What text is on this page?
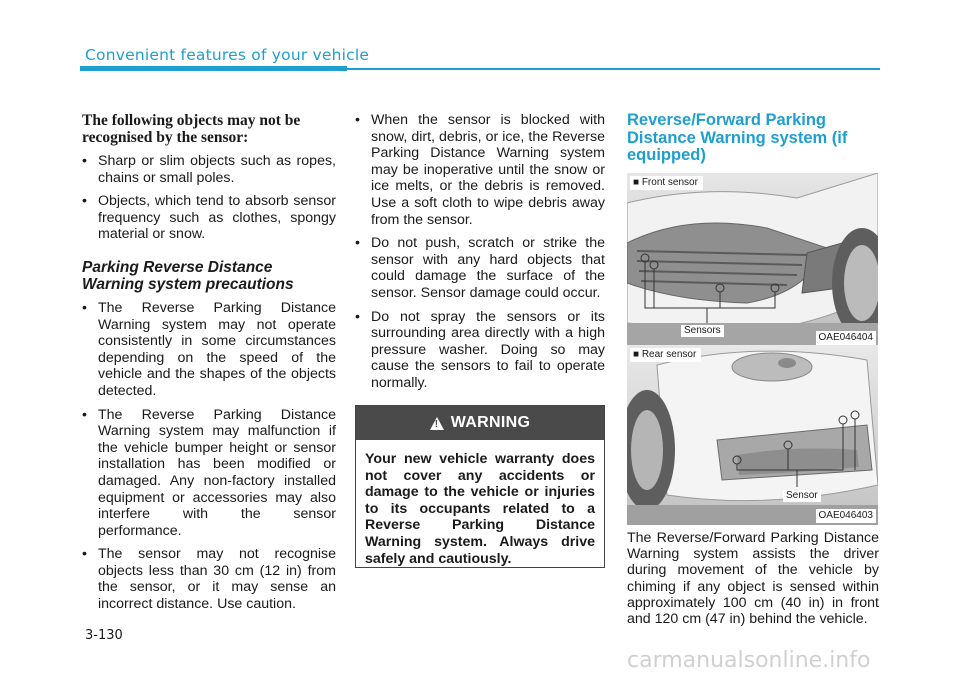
Convenient features of your vehicle
The following objects may not be recognised by the sensor:
• Sharp or slim objects such as ropes, chains or small poles.
• Objects, which tend to absorb sensor frequency such as clothes, spongy material or snow.
Parking Reverse Distance Warning system precautions
• The Reverse Parking Distance Warning system may not operate consistently in some circumstances depending on the speed of the vehicle and the shapes of the objects detected.
• The Reverse Parking Distance Warning system may malfunction if the vehicle bumper height or sensor installation has been modified or damaged. Any non-factory installed equipment or accessories may also interfere with the sensor performance.
• The sensor may not recognise objects less than 30 cm (12 in) from the sensor, or it may sense an incorrect distance. Use caution.
• When the sensor is blocked with snow, dirt, debris, or ice, the Reverse Parking Distance Warning system may be inoperative until the snow or ice melts, or the debris is removed. Use a soft cloth to wipe debris away from the sensor.
• Do not push, scratch or strike the sensor with any hard objects that could damage the surface of the sensor. Sensor damage could occur.
• Do not spray the sensors or its surrounding area directly with a high pressure washer. Doing so may cause the sensors to fail to operate normally.
! WARNING
Your new vehicle warranty does not cover any accidents or damage to the vehicle or injuries to its occupants related to a Reverse Parking Distance Warning system. Always drive safely and cautiously.
Reverse/Forward Parking Distance Warning system (if equipped)
■ Front sensor
Sensors
OAE046404
■ Rear sensor
Sensor
OAE046403
The Reverse/Forward Parking Distance Warning system assists the driver during movement of the vehicle by chiming if any object is sensed within approximately 100 cm (40 in) in front and 120 cm (47 in) behind the vehicle.
3-130
carmanualsonline.info
